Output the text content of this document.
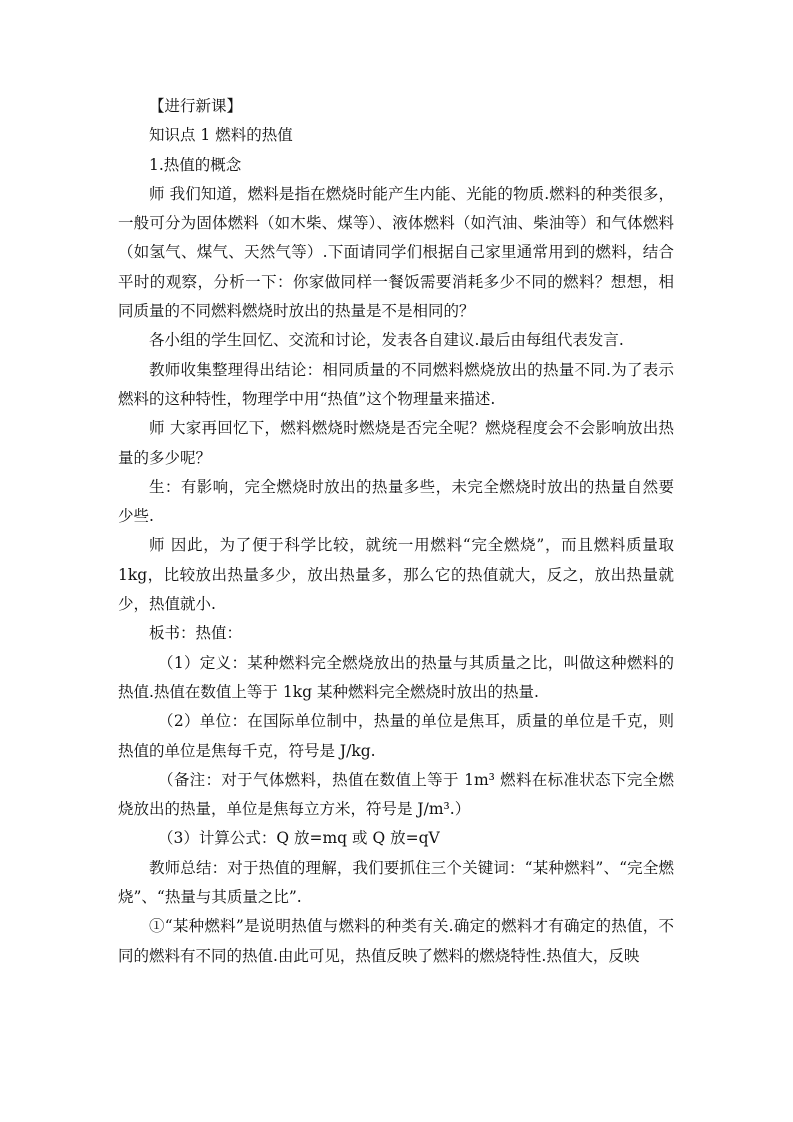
【进行新课】

知识点 1 燃料的热值

1.热值的概念

师 我们知道，燃料是指在燃烧时能产生内能、光能的物质.燃料的种类很多，一般可分为固体燃料（如木柴、煤等）、液体燃料（如汽油、柴油等）和气体燃料（如氢气、煤气、天然气等）.下面请同学们根据自己家里通常用到的燃料，结合平时的观察，分析一下：你家做同样一餐饭需要消耗多少不同的燃料？想想，相同质量的不同燃料燃烧时放出的热量是不是相同的？

各小组的学生回忆、交流和讨论，发表各自建议.最后由每组代表发言.

教师收集整理得出结论：相同质量的不同燃料燃烧放出的热量不同.为了表示燃料的这种特性，物理学中用“热值”这个物理量来描述.

师 大家再回忆下，燃料燃烧时燃烧是否完全呢？燃烧程度会不会影响放出热量的多少呢？

生：有影响，完全燃烧时放出的热量多些，未完全燃烧时放出的热量自然要少些.

师 因此，为了便于科学比较，就统一用燃料“完全燃烧”，而且燃料质量取1kg，比较放出热量多少，放出热量多，那么它的热值就大，反之，放出热量就少，热值就小.

板书：热值：

（1）定义：某种燃料完全燃烧放出的热量与其质量之比，叫做这种燃料的热值.热值在数值上等于 1kg 某种燃料完全燃烧时放出的热量.

（2）单位：在国际单位制中，热量的单位是焦耳，质量的单位是千克，则热值的单位是焦每千克，符号是 J/kg.

（备注：对于气体燃料，热值在数值上等于 1m³ 燃料在标准状态下完全燃烧放出的热量，单位是焦每立方米，符号是 J/m³.）

（3）计算公式：Q 放=mq 或 Q 放=qV

教师总结：对于热值的理解，我们要抓住三个关键词：“某种燃料”、“完全燃烧”、“热量与其质量之比”.

①“某种燃料”是说明热值与燃料的种类有关.确定的燃料才有确定的热值，不同的燃料有不同的热值.由此可见，热值反映了燃料的燃烧特性.热值大，反映
